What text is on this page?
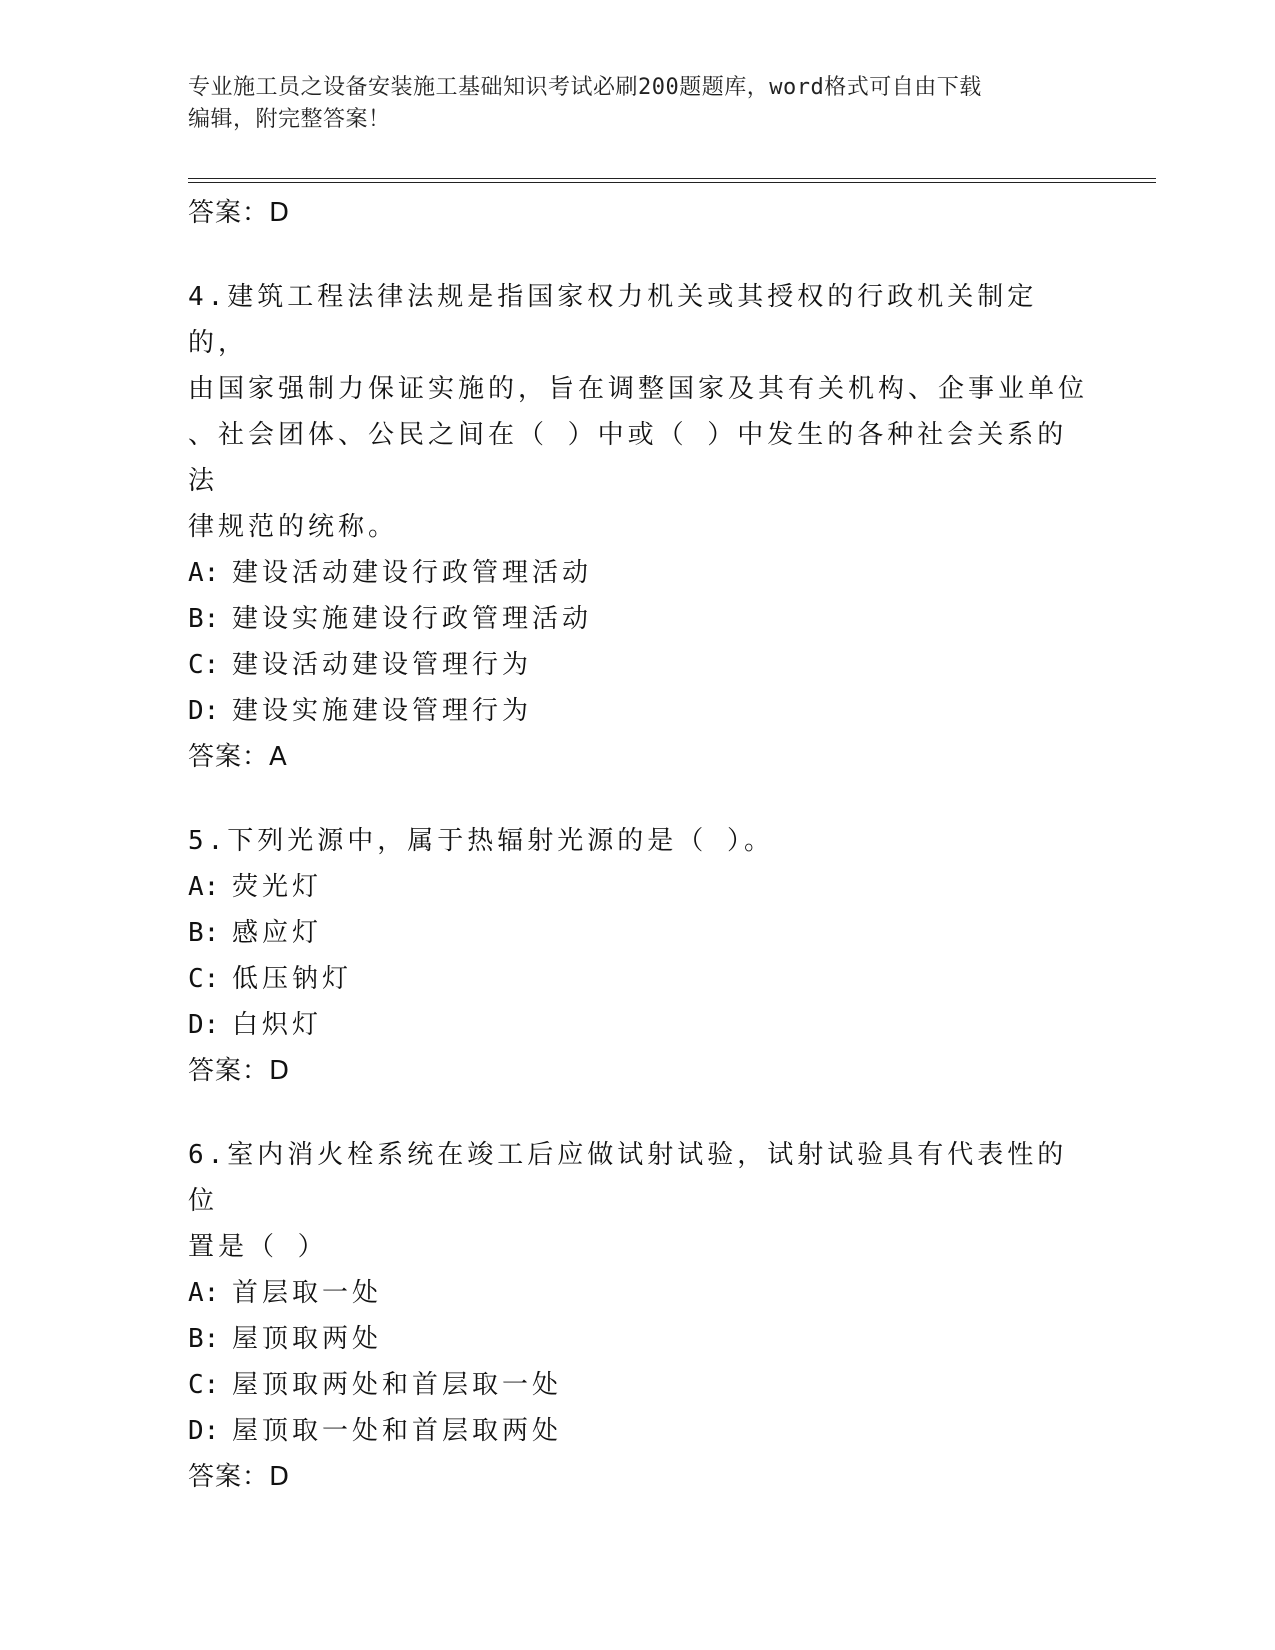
专业施工员之设备安装施工基础知识考试必刷200题题库，word格式可自由下载
编辑，附完整答案！
答案：D
4.建筑工程法律法规是指国家权力机关或其授权的行政机关制定的，
由国家强制力保证实施的，旨在调整国家及其有关机构、企事业单位
、社会团体、公民之间在（ ）中或（ ）中发生的各种社会关系的法
律规范的统称。
A: 建设活动建设行政管理活动
B: 建设实施建设行政管理活动
C: 建设活动建设管理行为
D: 建设实施建设管理行为
答案：A
5.下列光源中，属于热辐射光源的是（ ）。
A: 荧光灯
B: 感应灯
C: 低压钠灯
D: 白炽灯
答案：D
6.室内消火栓系统在竣工后应做试射试验，试射试验具有代表性的位
置是（ ）
A: 首层取一处
B: 屋顶取两处
C: 屋顶取两处和首层取一处
D: 屋顶取一处和首层取两处
答案：D
